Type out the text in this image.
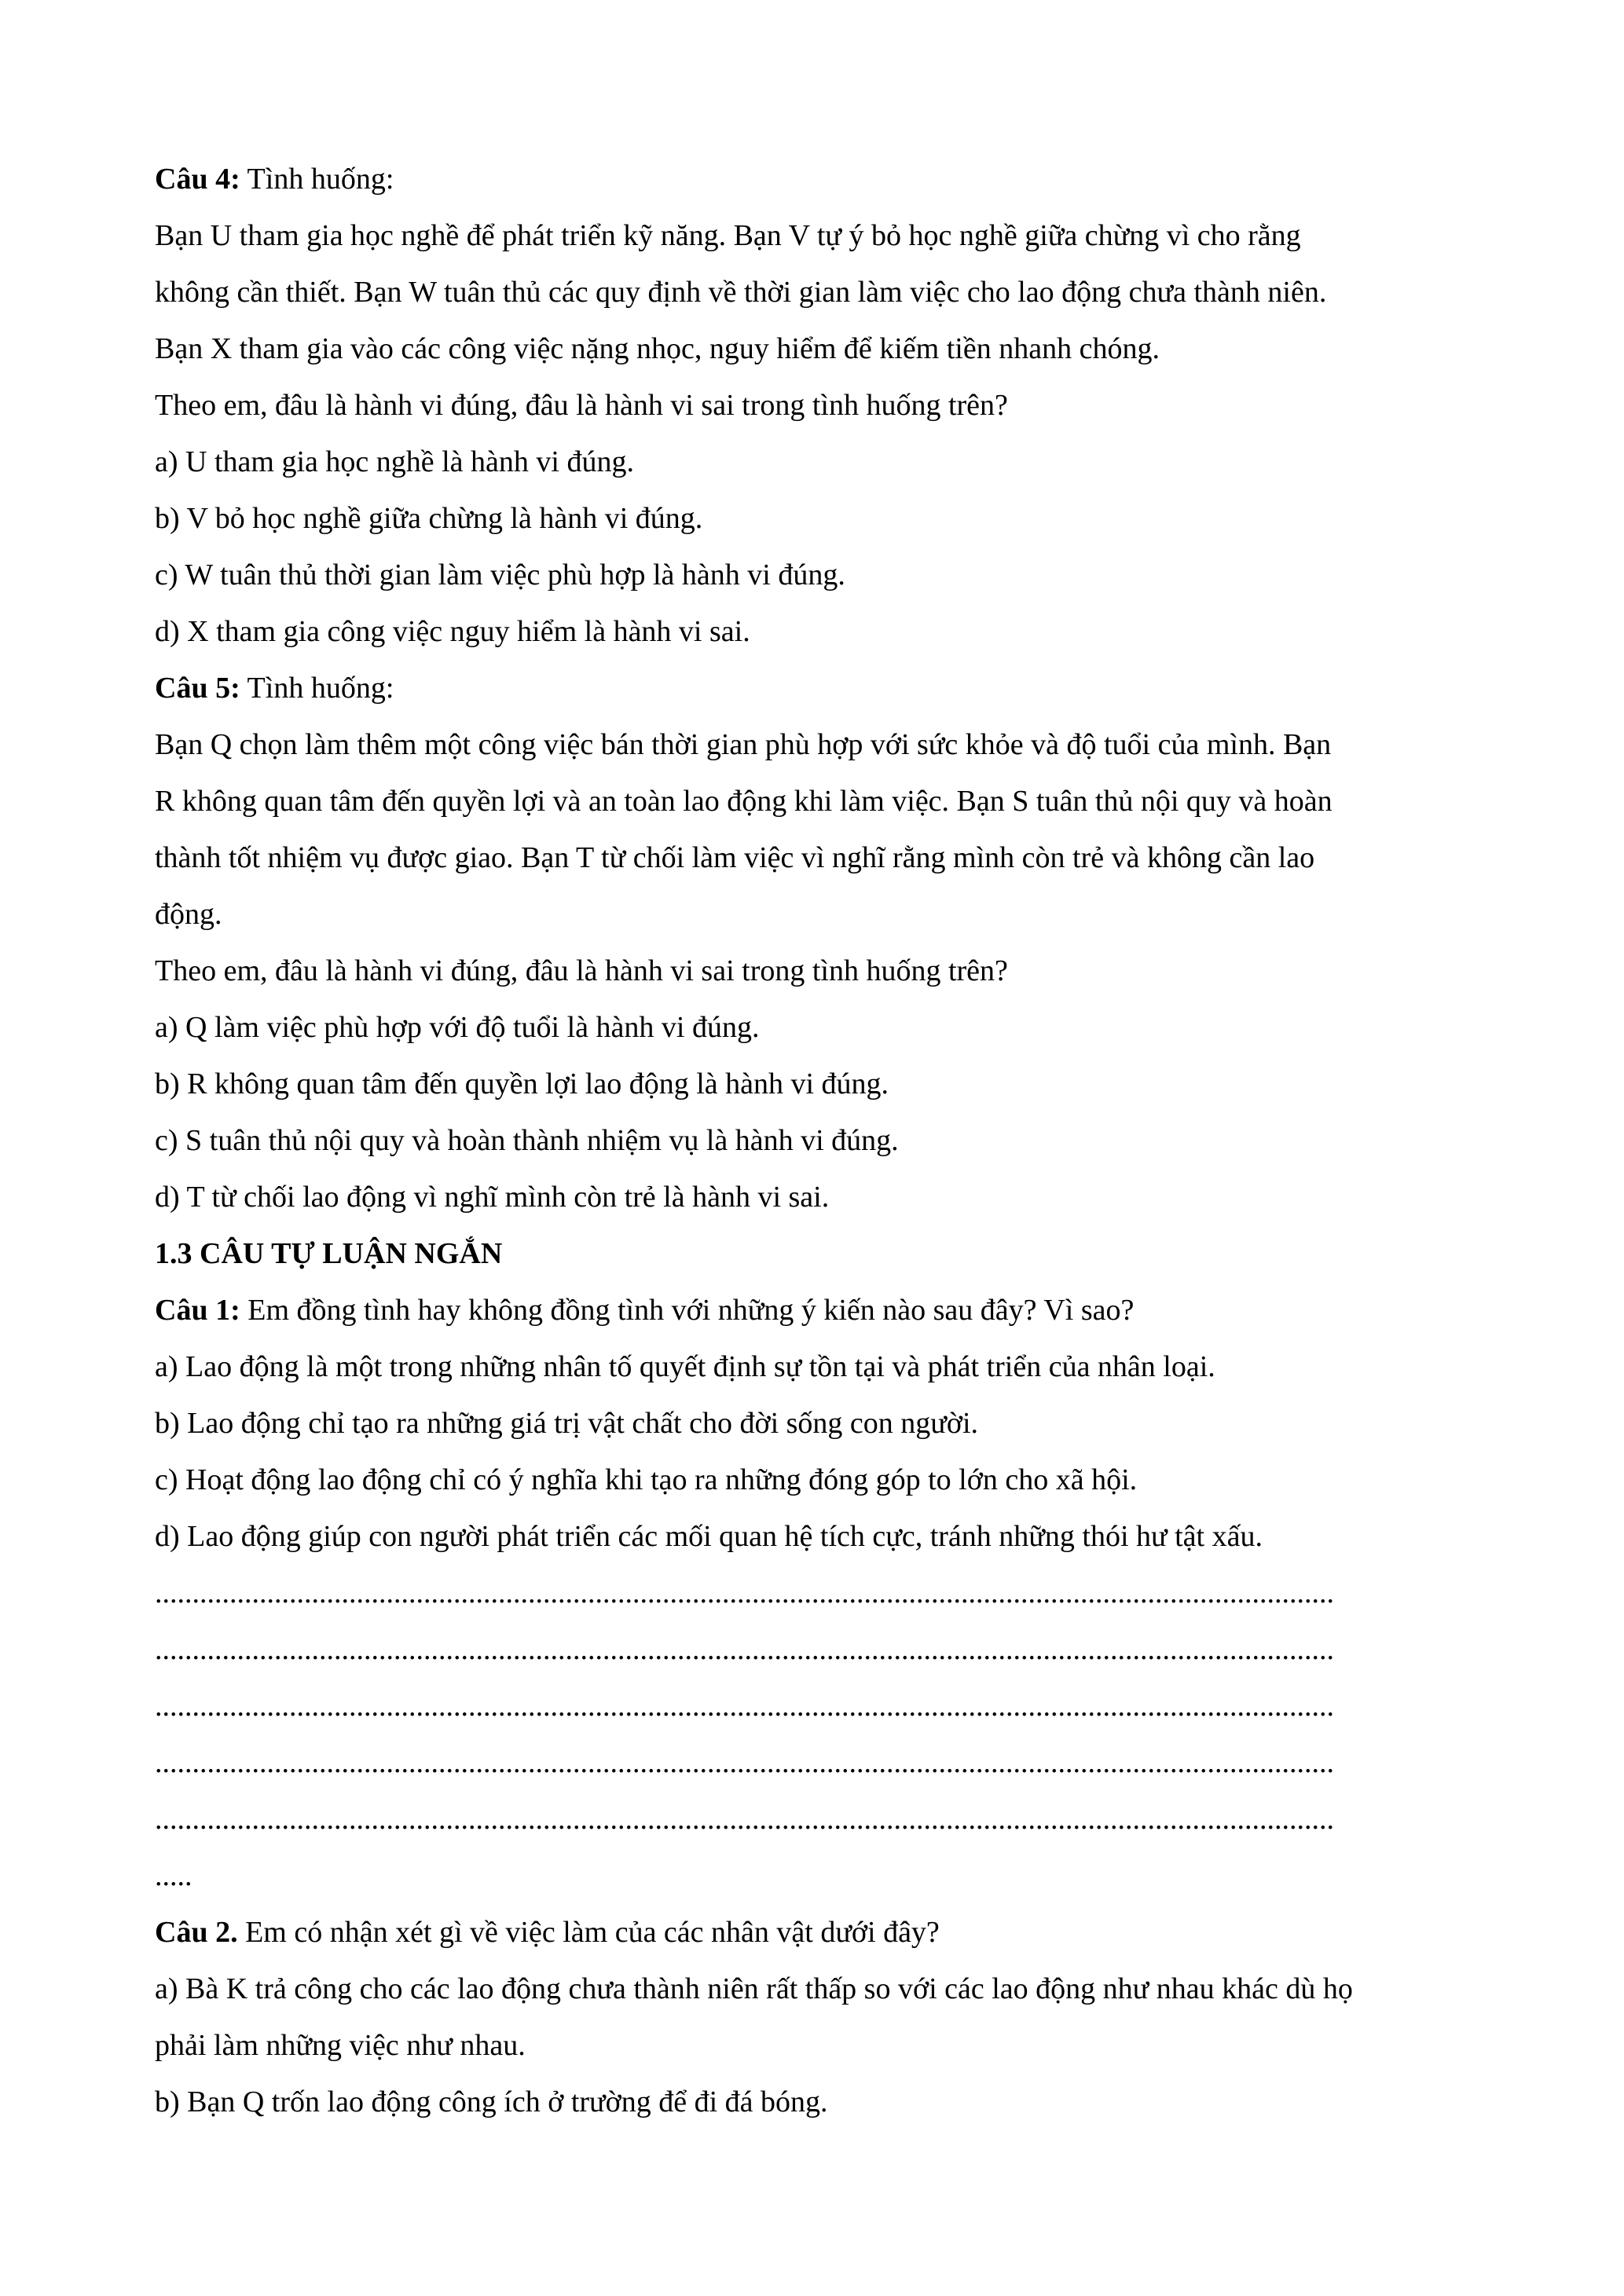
Câu 4: Tình huống:

Bạn U tham gia học nghề để phát triển kỹ năng. Bạn V tự ý bỏ học nghề giữa chừng vì cho rằng

không cần thiết. Bạn W tuân thủ các quy định về thời gian làm việc cho lao động chưa thành niên.

Bạn X tham gia vào các công việc nặng nhọc, nguy hiểm để kiếm tiền nhanh chóng.

Theo em, đâu là hành vi đúng, đâu là hành vi sai trong tình huống trên?

a) U tham gia học nghề là hành vi đúng.

b) V bỏ học nghề giữa chừng là hành vi đúng.

c) W tuân thủ thời gian làm việc phù hợp là hành vi đúng.

d) X tham gia công việc nguy hiểm là hành vi sai.

Câu 5: Tình huống:

Bạn Q chọn làm thêm một công việc bán thời gian phù hợp với sức khỏe và độ tuổi của mình. Bạn

R không quan tâm đến quyền lợi và an toàn lao động khi làm việc. Bạn S tuân thủ nội quy và hoàn

thành tốt nhiệm vụ được giao. Bạn T từ chối làm việc vì nghĩ rằng mình còn trẻ và không cần lao

động.

Theo em, đâu là hành vi đúng, đâu là hành vi sai trong tình huống trên?

a) Q làm việc phù hợp với độ tuổi là hành vi đúng.

b) R không quan tâm đến quyền lợi lao động là hành vi đúng.

c) S tuân thủ nội quy và hoàn thành nhiệm vụ là hành vi đúng.

d) T từ chối lao động vì nghĩ mình còn trẻ là hành vi sai.

1.3 CÂU TỰ LUẬN NGẮN

Câu 1: Em đồng tình hay không đồng tình với những ý kiến nào sau đây? Vì sao?

a) Lao động là một trong những nhân tố quyết định sự tồn tại và phát triển của nhân loại.

b) Lao động chỉ tạo ra những giá trị vật chất cho đời sống con người.

c) Hoạt động lao động chỉ có ý nghĩa khi tạo ra những đóng góp to lớn cho xã hội.

d) Lao động giúp con người phát triển các mối quan hệ tích cực, tránh những thói hư tật xấu.

..............................................................................................................................................................

..............................................................................................................................................................

..............................................................................................................................................................

..............................................................................................................................................................

..............................................................................................................................................................

.....

Câu 2. Em có nhận xét gì về việc làm của các nhân vật dưới đây?

a) Bà K trả công cho các lao động chưa thành niên rất thấp so với các lao động như nhau khác dù họ

phải làm những việc như nhau.

b) Bạn Q trốn lao động công ích ở trường để đi đá bóng.
